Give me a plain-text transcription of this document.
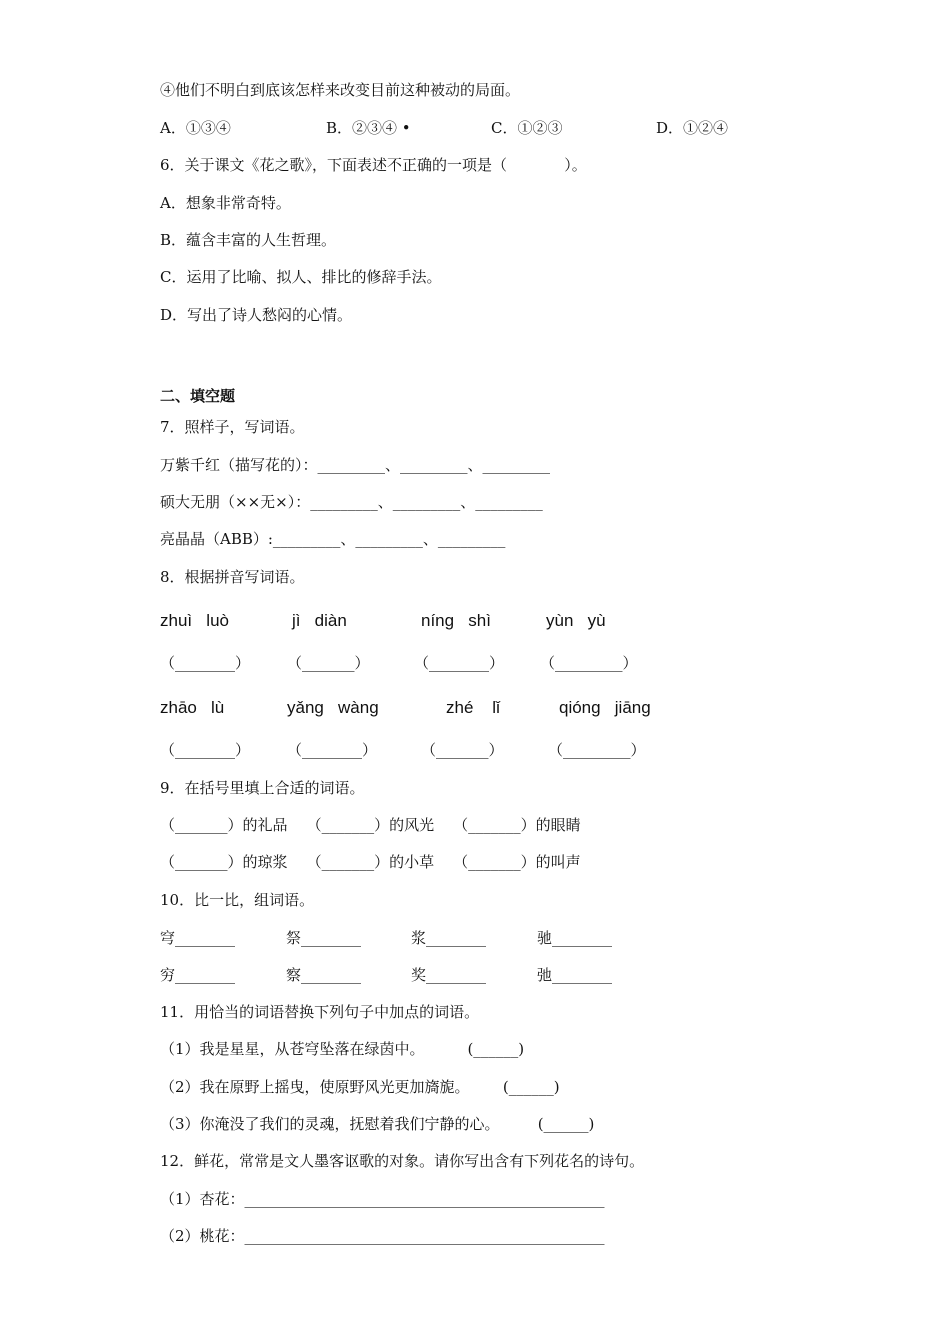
④他们不明白到底该怎样来改变目前这种被动的局面。
A．①③④	B．②③④ •	C．①②③	D．①②④
6．关于课文《花之歌》，下面表述不正确的一项是（            ）。
A．想象非常奇特。
B．蕴含丰富的人生哲理。
C．运用了比喻、拟人、排比的修辞手法。
D．写出了诗人愁闷的心情。
二、填空题
7．照样子，写词语。
万紫千红（描写花的）：_________、_________、_________
硕大无朋（××无×）：_________、_________、_________
亮晶晶（ABB）:_________、_________、_________
8．根据拼音写词语。
zhuì   luò	jì   diàn	níng   shì	yùn   yù
（________） （_______）	（________） （_________）
zhāo   lù	yǎng   wàng	zhé    lǐ	qióng   jiāng
（________） （________）	（_______）	（_________）
9．在括号里填上合适的词语。
（_______）的礼品    （_______）的风光    （_______）的眼睛
（_______）的琼浆    （_______）的小草    （_______）的叫声
10．比一比，组词语。
穹________	祭________	浆________	驰________
穷________	察________	奖________	弛________
11．用恰当的词语替换下列句子中加点的词语。
（1）我是星星，从苍穹坠落在绿茵中。         (______)
（2）我在原野上摇曳，使原野风光更加旖旎。       (______)
（3）你淹没了我们的灵魂，抚慰着我们宁静的心。        (______)
12．鲜花，常常是文人墨客讴歌的对象。请你写出含有下列花名的诗句。
（1）杏花：________________________________________________
（2）桃花：________________________________________________
